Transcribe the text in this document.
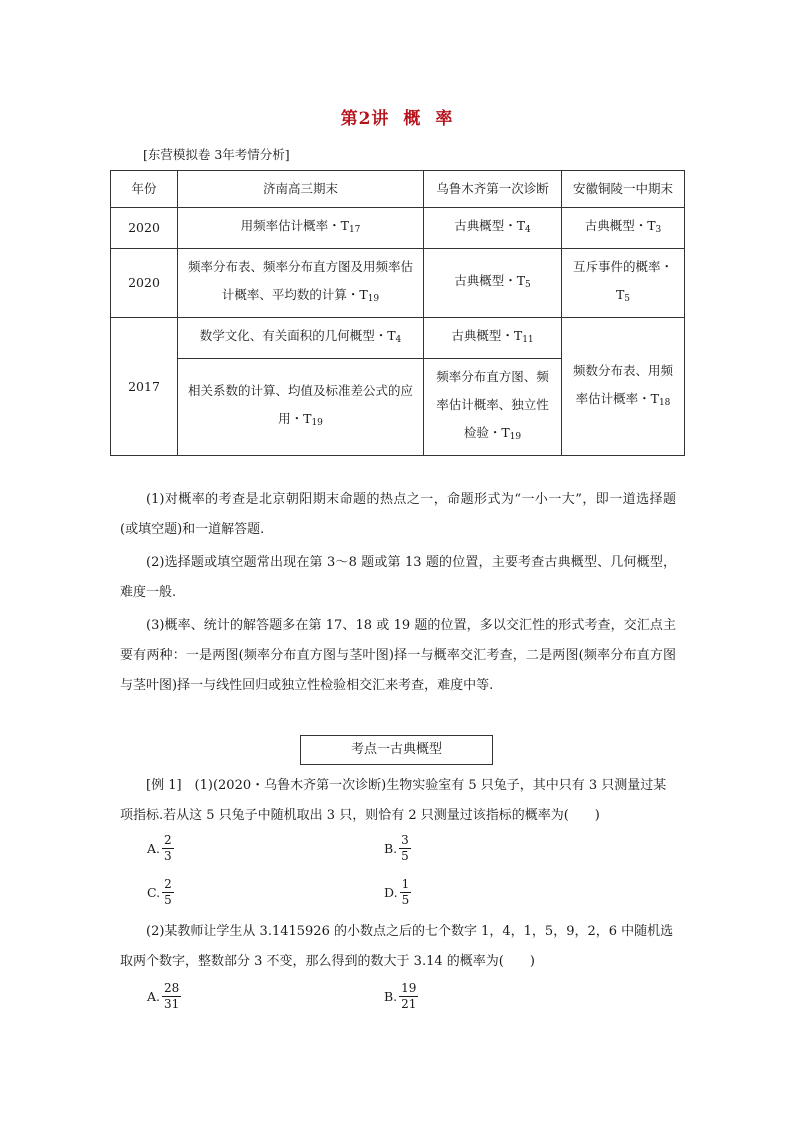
第2讲 概 率
[东营模拟卷 3年考情分析]
年份	济南高三期末	乌鲁木齐第一次诊断	安徽铜陵一中期末
2020	用频率估计概率・$T_{17}$	古典概型・$T_4$	古典概型・$T_3$
2020	频率分布表、频率分布直方图及用频率估计概率、平均数的计算・$T_{19}$	古典概型・$T_5$	互斥事件的概率・$T_5$
2017	数学文化、有关面积的几何概型・$T_4$	古典概型・$T_{11}$	频数分布表、用频率估计概率・$T_{18}$
	相关系数的计算、均值及标准差公式的应用・$T_{19}$	频率分布直方图、频率估计概率、独立性检验・$T_{19}$
(1)对概率的考查是北京朝阳期末命题的热点之一，命题形式为“一小一大”，即一道选择题(或填空题)和一道解答题.
(2)选择题或填空题常出现在第 3～8 题或第 13 题的位置，主要考查古典概型、几何概型，难度一般.
(3)概率、统计的解答题多在第 17、18 或 19 题的位置，多以交汇性的形式考查，交汇点主要有两种：一是两图(频率分布直方图与茎叶图)择一与概率交汇考查，二是两图(频率分布直方图与茎叶图)择一与线性回归或独立性检验相交汇来考查，难度中等.
考点一古典概型
[例 1]　(1)(2020・乌鲁木齐第一次诊断)生物实验室有 5 只兔子，其中只有 3 只测量过某项指标.若从这 5 只兔子中随机取出 3 只，则恰有 2 只测量过该指标的概率为(　　)
A. $\frac{2}{3}$	B. $\frac{3}{5}$
C. $\frac{2}{5}$	D. $\frac{1}{5}$
(2)某教师让学生从 3.1415926 的小数点之后的七个数字 1，4，1，5，9，2，6 中随机选取两个数字，整数部分 3 不变，那么得到的数大于 3.14 的概率为(　　)
A. $\frac{28}{31}$	B. $\frac{19}{21}$
